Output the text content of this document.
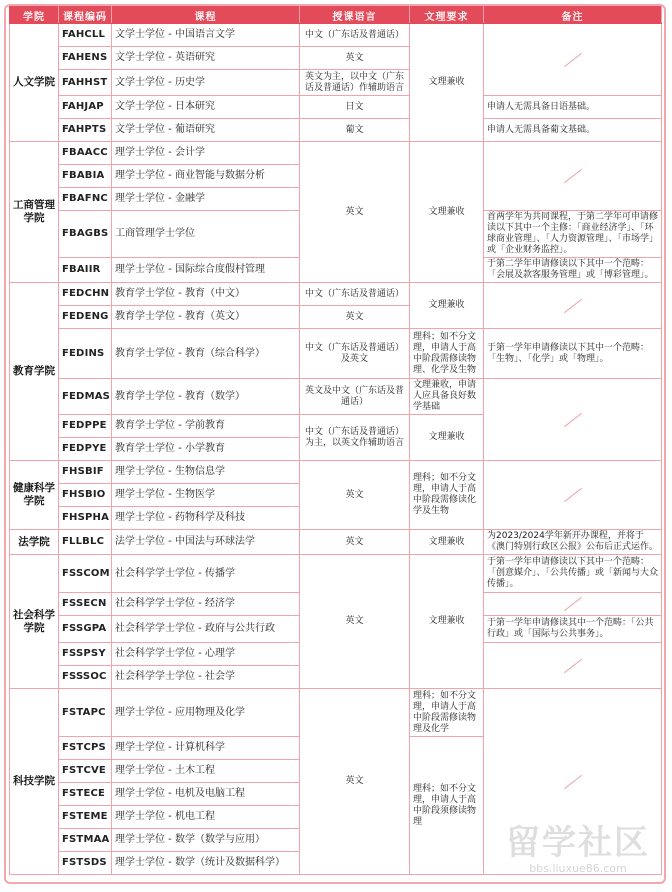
学院	课程编码	课程	授课语言	文理要求	备注
人文学院	FAHCLL	文学士学位 - 中国语言文学	中文（广东话及普通话）	文理兼收	
	FAHENS	文学士学位 - 英语研究	英文		
	FAHHST	文学士学位 - 历史学	英文为主，以中文（广东话及普通话）作辅助语言		
	FAHJAP	文学士学位 - 日本研究	日文		申请人无需具备日语基础。
	FAHPTS	文学士学位 - 葡语研究	葡文		申请人无需具备葡文基础。
工商管理学院	FBAACC	理学士学位 - 会计学	英文	文理兼收	
	FBABIA	理学士学位 - 商业智能与数据分析			
	FBAFNC	理学士学位 - 金融学			
	FBAGBS	工商管理学士学位			首两学年为共同课程，于第二学年可申请修读以下其中一个主修：「商业经济学」、「环球商业管理」、「人力资源管理」、「市场学」或「企业财务监控」。
	FBAIIR	理学士学位 - 国际综合度假村管理			于第二学年申请修读以下其中一个范畴：「会展及款客服务管理」或「博彩管理」。
教育学院	FEDCHN	教育学士学位 - 教育（中文）	中文（广东话及普通话）	文理兼收	
	FEDENG	教育学士学位 - 教育（英文）	英文		
	FEDINS	教育学士学位 - 教育（综合科学）	中文（广东话及普通话）及英文	理科；如不分文理，申请人于高中阶段需修读物理、化学及生物	于第一学年申请修读以下其中一个范畴：「生物」、「化学」或「物理」。
	FEDMAS	教育学士学位 - 教育（数学）	英文及中文（广东话及普通话）	文理兼收，申请人应具备良好数学基础	
	FEDPPE	教育学士学位 - 学前教育	中文（广东话及普通话）为主，以英文作辅助语言	文理兼收	
	FEDPYE	教育学士学位 - 小学教育			
健康科学学院	FHSBIF	理学士学位 - 生物信息学	英文	理科；如不分文理，申请人于高中阶段需修读化学及生物	
	FHSBIO	理学士学位 - 生物医学			
	FHSPHA	理学士学位 - 药物科学及科技			
法学院	FLLBLC	法学士学位 - 中国法与环球法学	英文	文理兼收	为2023/2024学年新开办课程，并将于《澳门特别行政区公报》公布后正式运作。
社会科学学院	FSSCOM	社会科学学士学位 - 传播学	英文	文理兼收	于第一学年申请修读以下其中一个范畴：「创意媒介」、「公共传播」或「新闻与大众传播」。
	FSSECN	社会科学学士学位 - 经济学			
	FSSGPA	社会科学学士学位 - 政府与公共行政			于第一学年申请修读其中一个范畴：「公共行政」或「国际与公共事务」。
	FSSPSY	社会科学学士学位 - 心理学			
	FSSSOC	社会科学学士学位 - 社会学			
科技学院	FSTAPC	理学士学位 - 应用物理及化学	英文	理科；如不分文理，申请人于高中阶段需修读物理及化学	
	FSTCPS	理学士学位 - 计算机科学		理科；如不分文理，申请人于高中阶段须修读物理	
	FSTCVE	理学士学位 - 土木工程			
	FSTECE	理学士学位 - 电机及电脑工程			
	FSTEME	理学士学位 - 机电工程			
	FSTMAA	理学士学位 - 数学（数学与应用）			
	FSTSDS	理学士学位 - 数学（统计及数据科学）				留学社区
bbs.liuxue86.com
